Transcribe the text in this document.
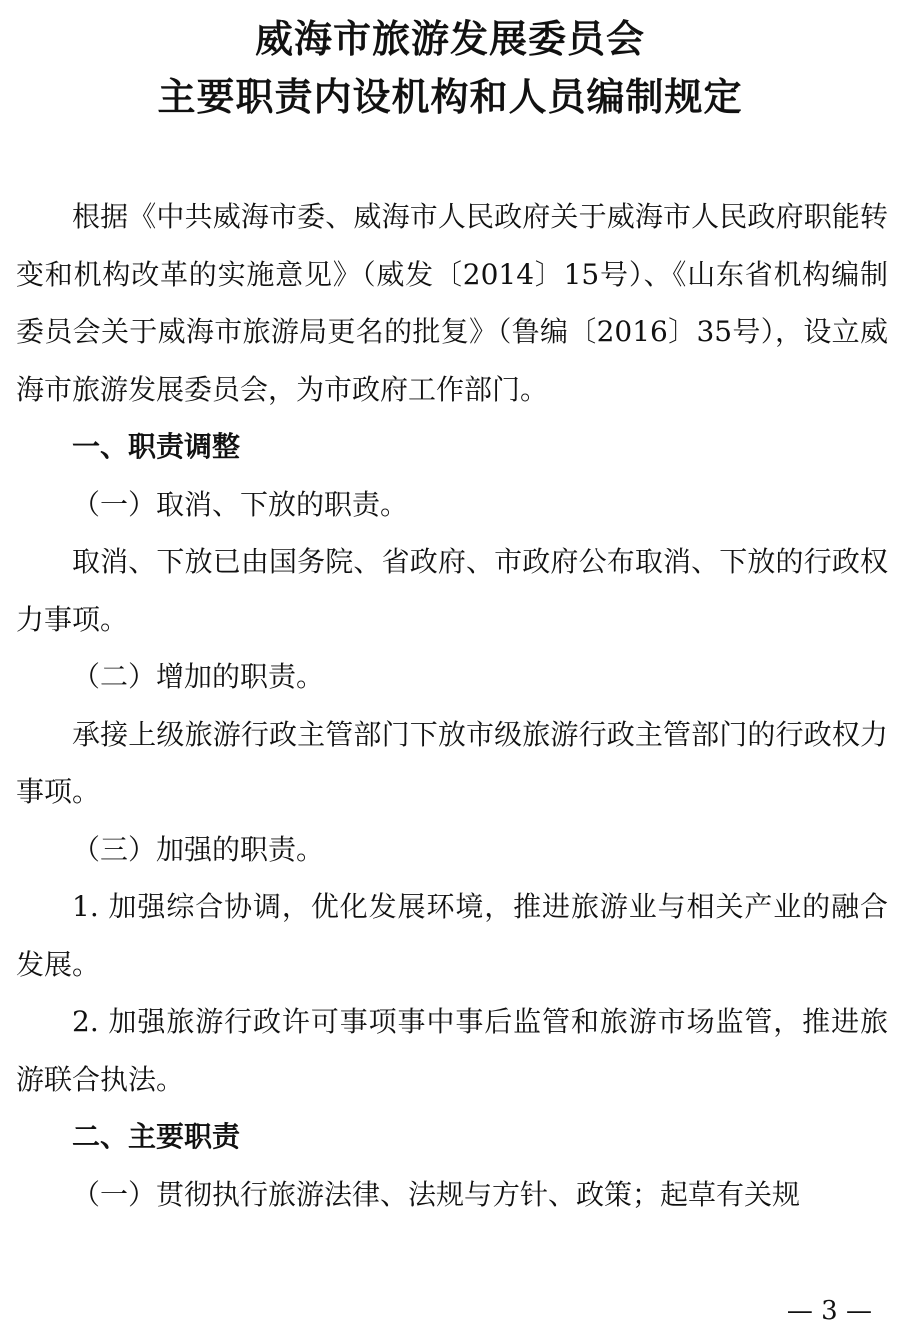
威海市旅游发展委员会
主要职责内设机构和人员编制规定

根据《中共威海市委、威海市人民政府关于威海市人民政府职能转变和机构改革的实施意见》（威发〔2014〕15号）、《山东省机构编制委员会关于威海市旅游局更名的批复》（鲁编〔2016〕35号），设立威海市旅游发展委员会，为市政府工作部门。

一、职责调整

（一）取消、下放的职责。

取消、下放已由国务院、省政府、市政府公布取消、下放的行政权力事项。

（二）增加的职责。

承接上级旅游行政主管部门下放市级旅游行政主管部门的行政权力事项。

（三）加强的职责。

1. 加强综合协调，优化发展环境，推进旅游业与相关产业的融合发展。

2. 加强旅游行政许可事项事中事后监管和旅游市场监管，推进旅游联合执法。

二、主要职责

（一）贯彻执行旅游法律、法规与方针、政策；起草有关规

— 3 —
